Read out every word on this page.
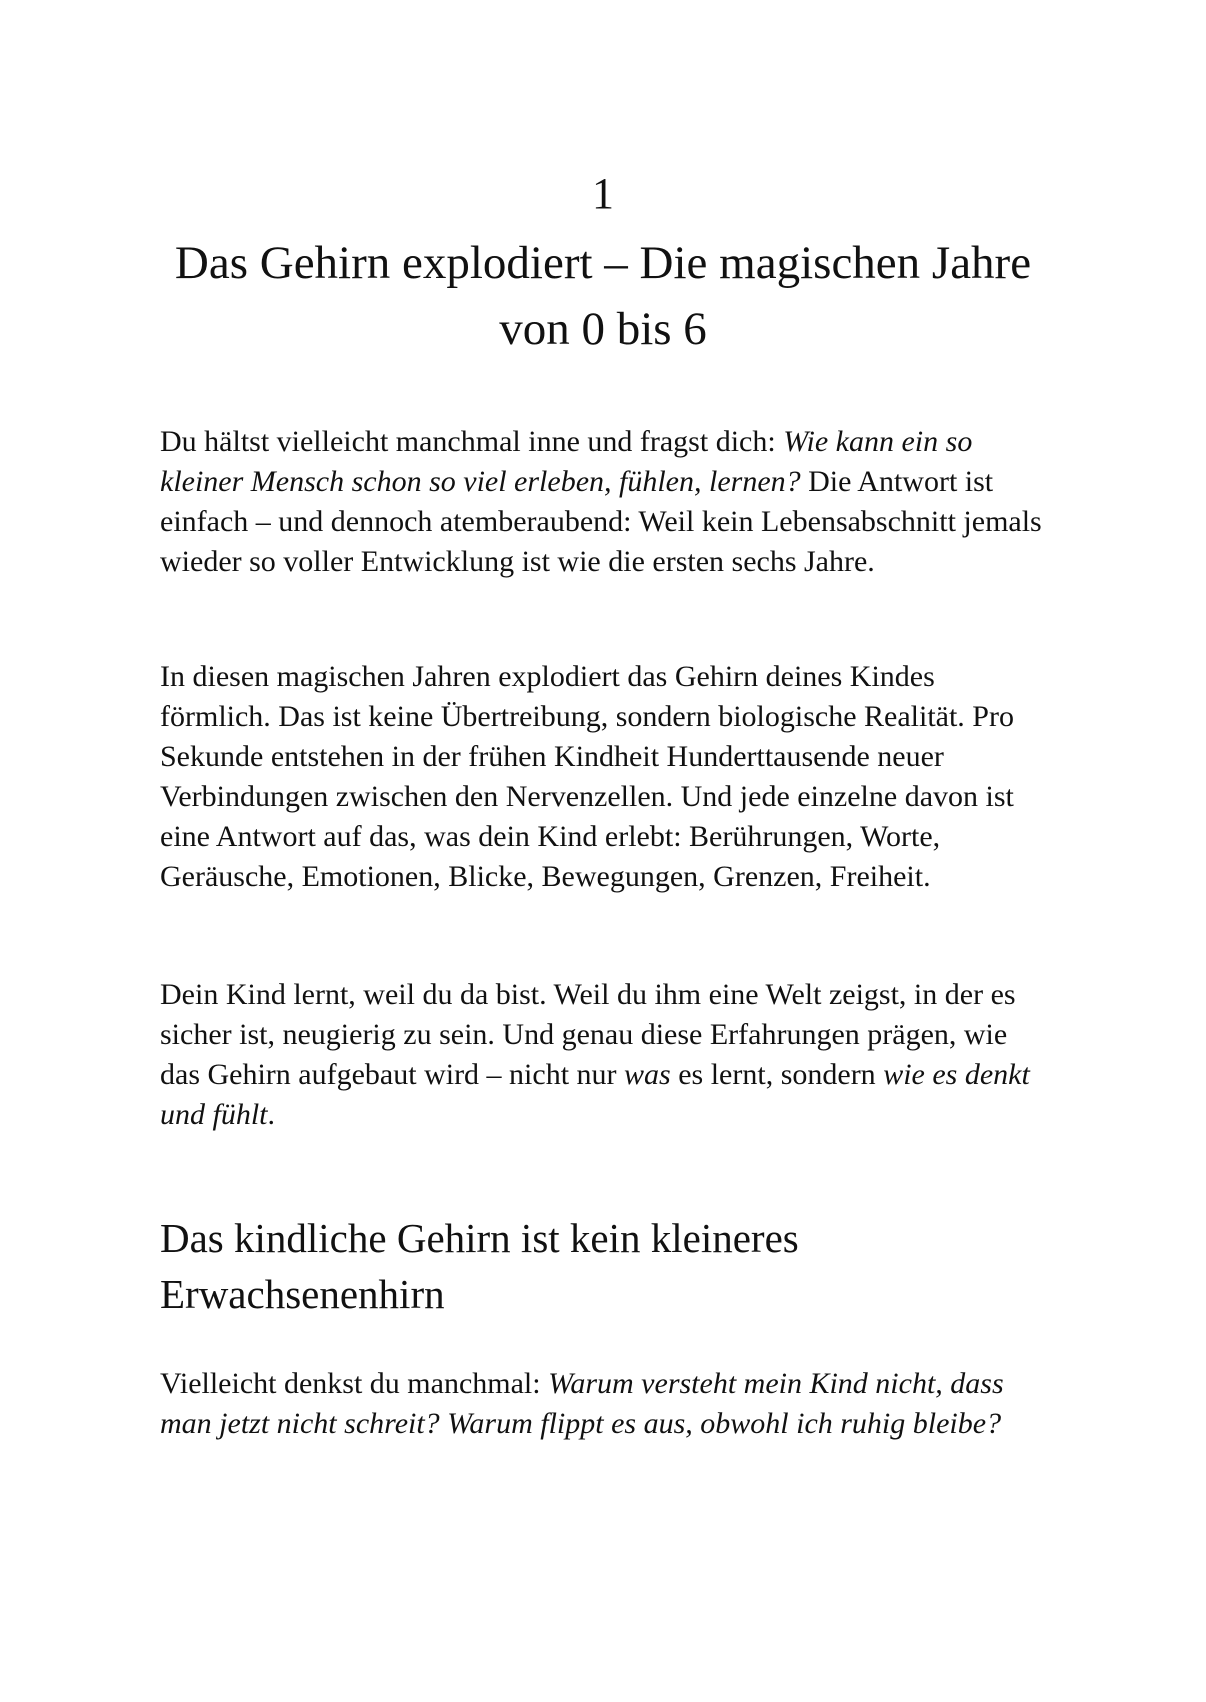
1
Das Gehirn explodiert – Die magischen Jahre von 0 bis 6

Du hältst vielleicht manchmal inne und fragst dich: Wie kann ein so kleiner Mensch schon so viel erleben, fühlen, lernen? Die Antwort ist einfach – und dennoch atemberaubend: Weil kein Lebensabschnitt jemals wieder so voller Entwicklung ist wie die ersten sechs Jahre.

In diesen magischen Jahren explodiert das Gehirn deines Kindes förmlich. Das ist keine Übertreibung, sondern biologische Realität. Pro Sekunde entstehen in der frühen Kindheit Hunderttausende neuer Verbindungen zwischen den Nervenzellen. Und jede einzelne davon ist eine Antwort auf das, was dein Kind erlebt: Berührungen, Worte, Geräusche, Emotionen, Blicke, Bewegungen, Grenzen, Freiheit.

Dein Kind lernt, weil du da bist. Weil du ihm eine Welt zeigst, in der es sicher ist, neugierig zu sein. Und genau diese Erfahrungen prägen, wie das Gehirn aufgebaut wird – nicht nur was es lernt, sondern wie es denkt und fühlt.

Das kindliche Gehirn ist kein kleineres Erwachsenenhirn

Vielleicht denkst du manchmal: Warum versteht mein Kind nicht, dass man jetzt nicht schreit? Warum flippt es aus, obwohl ich ruhig bleibe?
